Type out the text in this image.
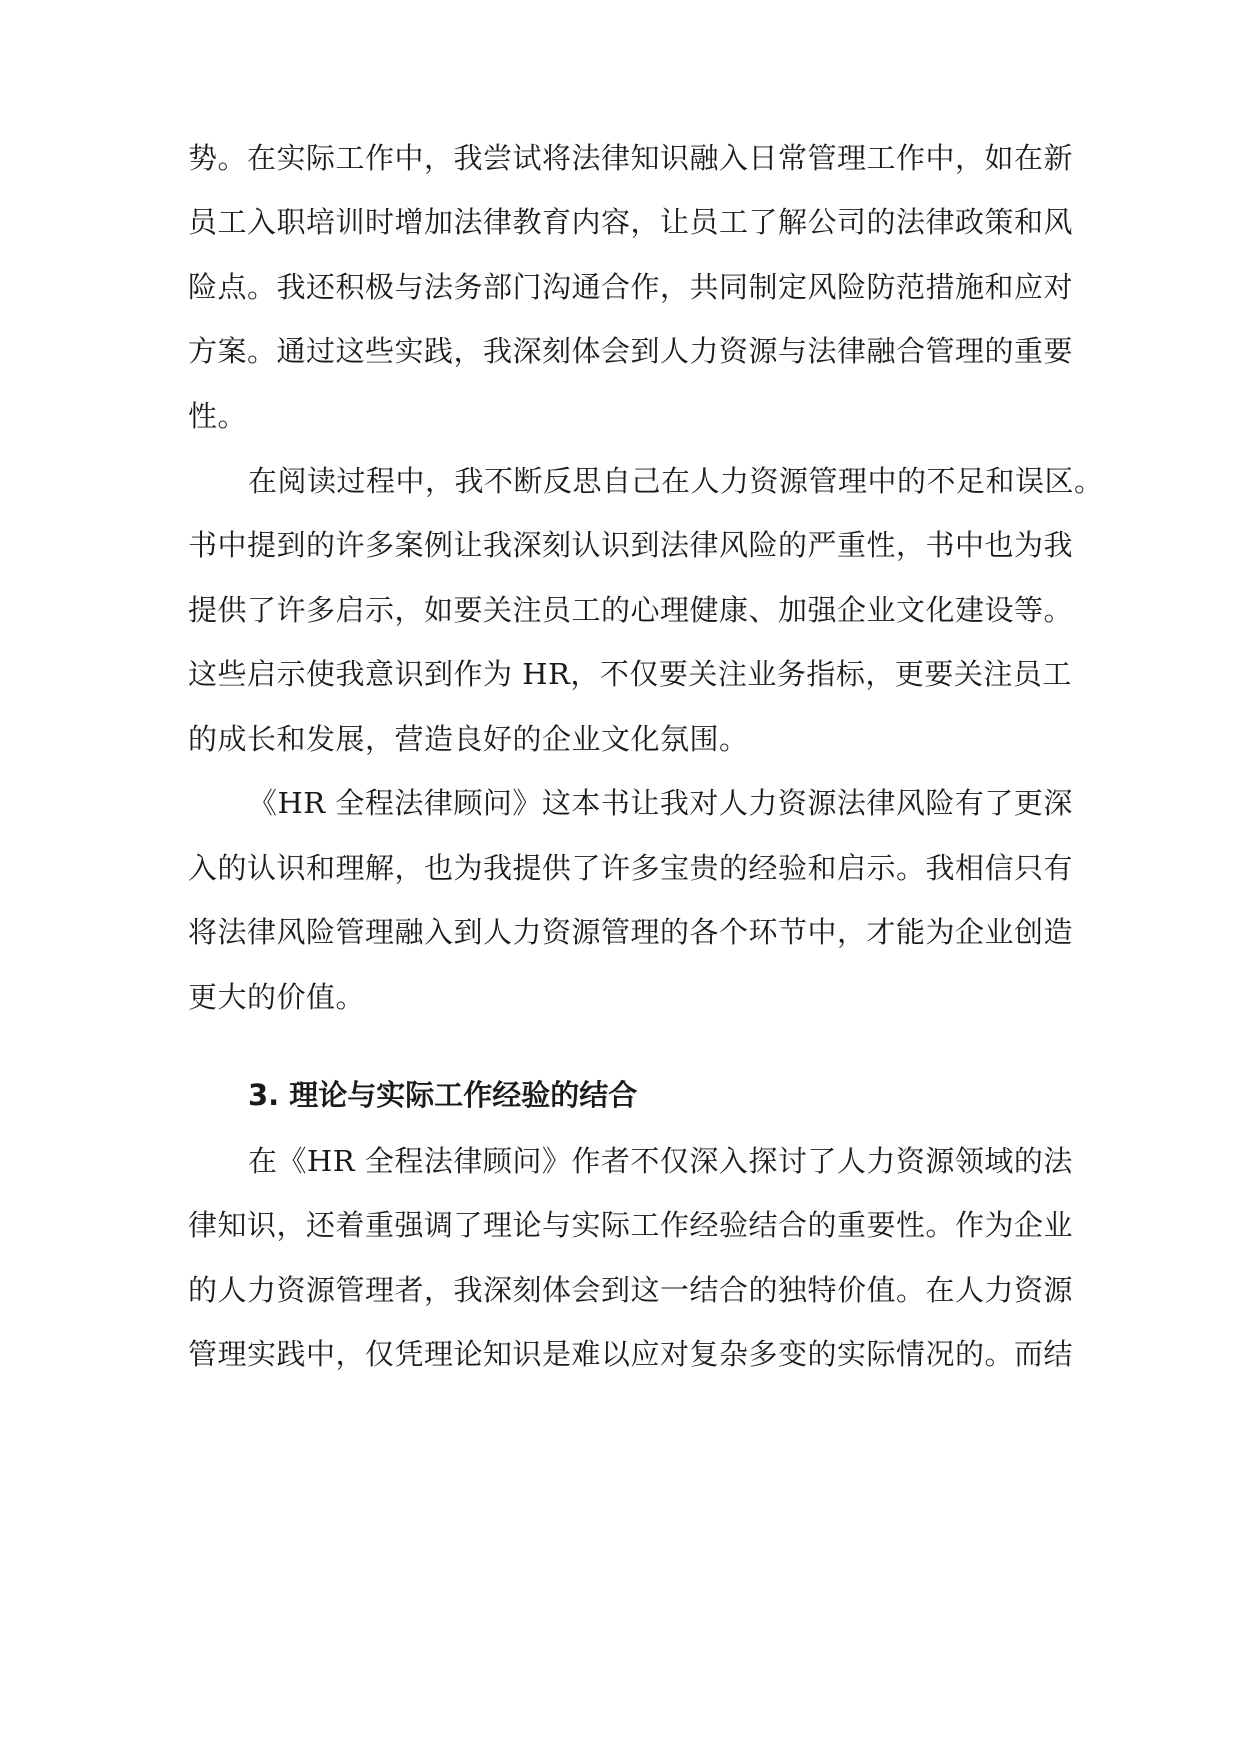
势。在实际工作中，我尝试将法律知识融入日常管理工作中，如在新
员工入职培训时增加法律教育内容，让员工了解公司的法律政策和风
险点。我还积极与法务部门沟通合作，共同制定风险防范措施和应对
方案。通过这些实践，我深刻体会到人力资源与法律融合管理的重要
性。
在阅读过程中，我不断反思自己在人力资源管理中的不足和误区。
书中提到的许多案例让我深刻认识到法律风险的严重性，书中也为我
提供了许多启示，如要关注员工的心理健康、加强企业文化建设等。
这些启示使我意识到作为 HR，不仅要关注业务指标，更要关注员工
的成长和发展，营造良好的企业文化氛围。
《HR 全程法律顾问》这本书让我对人力资源法律风险有了更深
入的认识和理解，也为我提供了许多宝贵的经验和启示。我相信只有
将法律风险管理融入到人力资源管理的各个环节中，才能为企业创造
更大的价值。
3. 理论与实际工作经验的结合
在《HR 全程法律顾问》作者不仅深入探讨了人力资源领域的法
律知识，还着重强调了理论与实际工作经验结合的重要性。作为企业
的人力资源管理者，我深刻体会到这一结合的独特价值。在人力资源
管理实践中，仅凭理论知识是难以应对复杂多变的实际情况的。而结
